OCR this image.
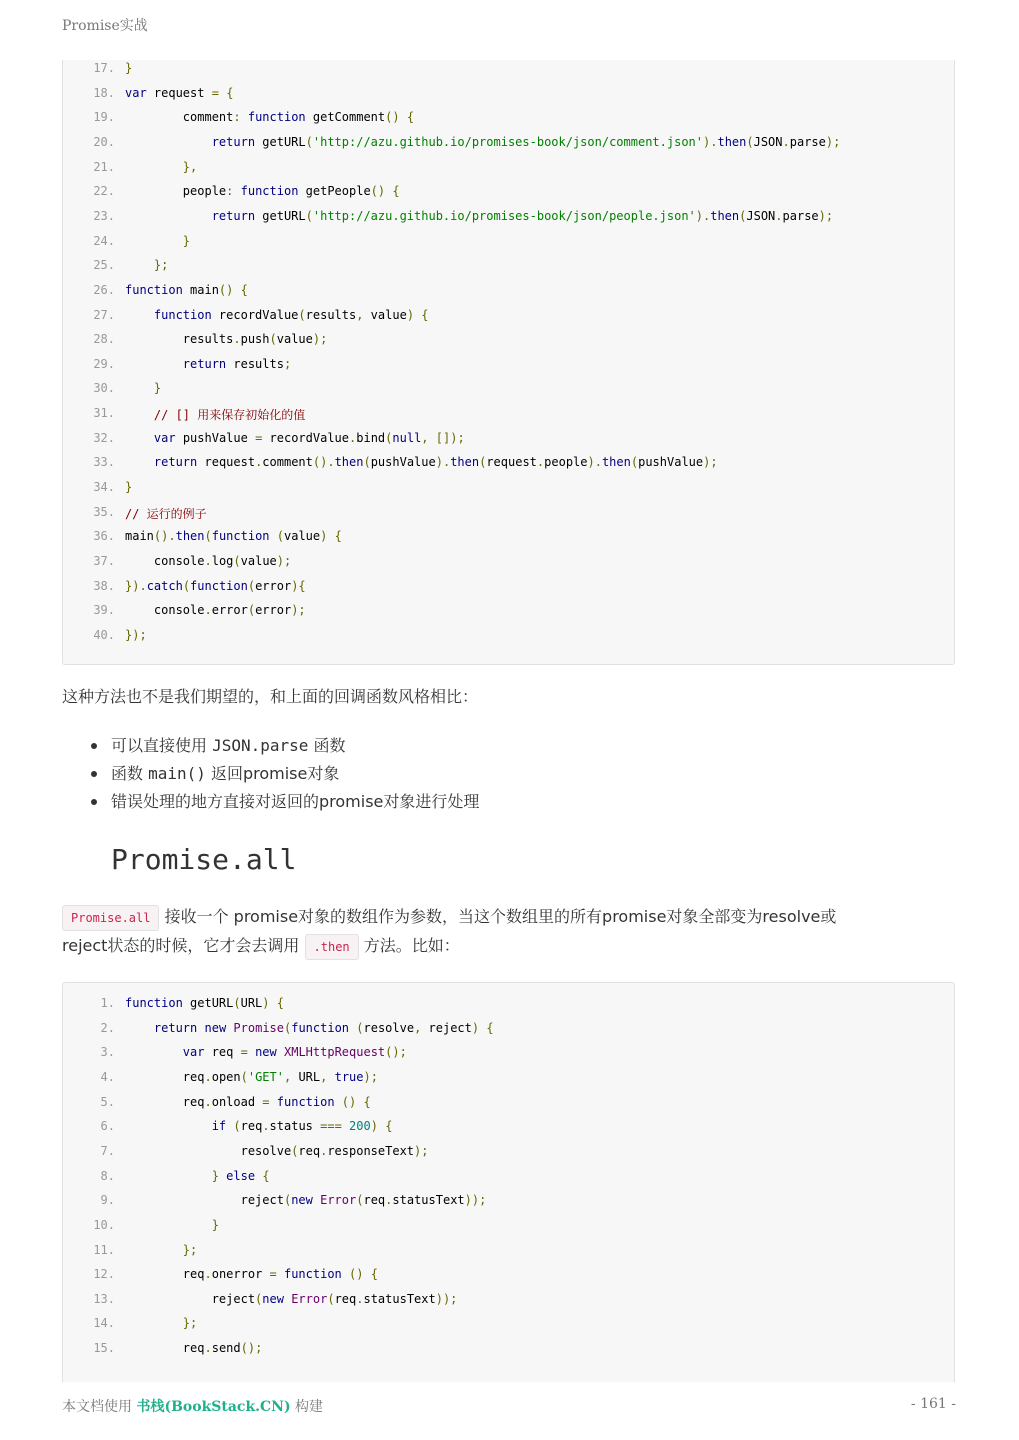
Promise实战
17. }
18. var request = {
19. comment: function getComment() {
20.	return getURL('http://azu.github.io/promises-book/json/comment.json').then(JSON.parse);
21.	},
22. people: function getPeople() {
23.	return getURL('http://azu.github.io/promises-book/json/people.json').then(JSON.parse);
24.	}
25.	};
26. function main() {
27.	function recordValue(results, value) {
28. results.push(value);
29.	return results;
30.	}
31.	// [] 用来保存初始化的值
32.	var pushValue = recordValue.bind(null, []);
33.	return request.comment().then(pushValue).then(request.people).then(pushValue);
34. }
35. // 运行的例子
36. main().then(function (value) {
37. console.log(value);
38. }).catch(function(error){
39. console.error(error);
40. });
这种方法也不是我们期望的，和上面的回调函数风格相比：
可以直接使用 JSON.parse 函数
函数 main() 返回promise对象
错误处理的地方直接对返回的promise对象进行处理
Promise.all
Promise.all 接收一个 promise对象的数组作为参数，当这个数组里的所有promise对象全部变为resolve或
reject状态的时候，它才会去调用 .then 方法。比如：
1. function getURL(URL) {
2.	return new Promise(function (resolve, reject) {
3.	var req = new XMLHttpRequest();
4. req.open('GET', URL, true);
5. req.onload = function () {
6.	if (req.status === 200) {
7. resolve(req.responseText);
8.	} else {
9. reject(new Error(req.statusText));
10.	}
11.	};
12. req.onerror = function () {
13. reject(new Error(req.statusText));
14.	};
15. req.send();
本文档使用 书栈(BookStack.CN) 构建	- 161 -
